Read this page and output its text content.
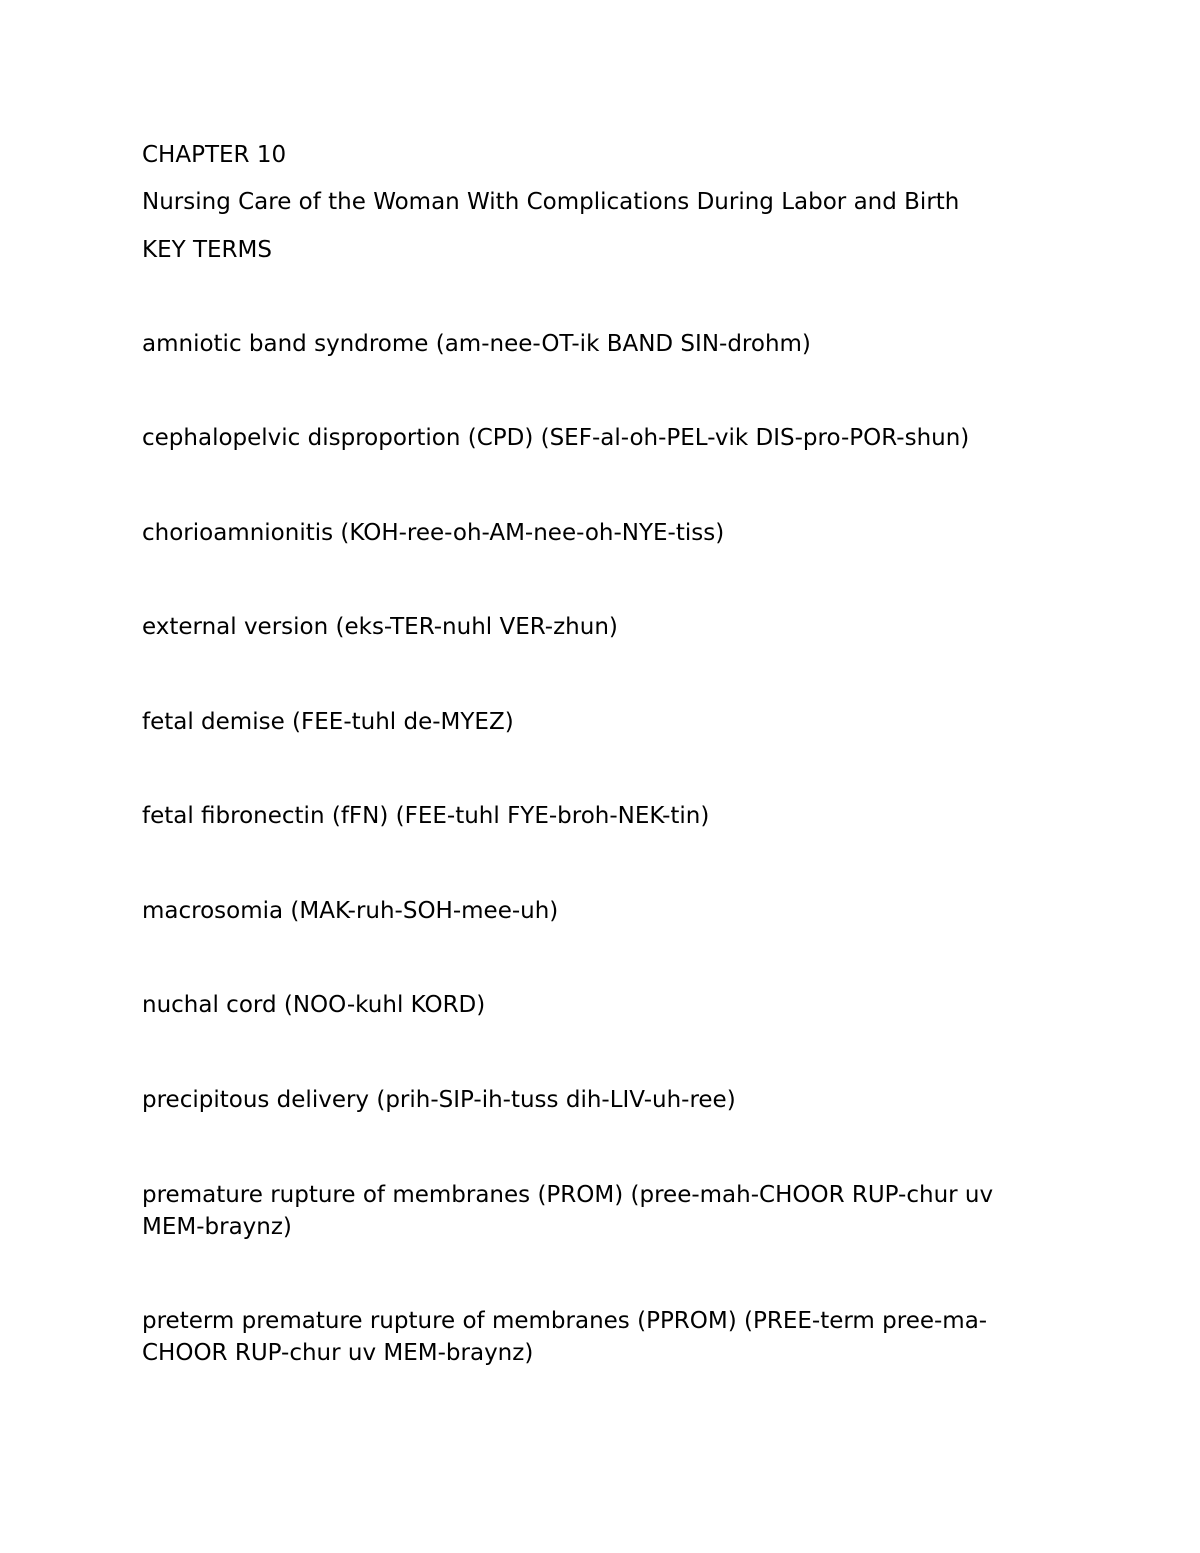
CHAPTER 10

Nursing Care of the Woman With Complications During Labor and Birth

KEY TERMS

amniotic band syndrome (am-nee-OT-ik BAND SIN-drohm)

cephalopelvic disproportion (CPD) (SEF-al-oh-PEL-vik DIS-pro-POR-shun)

chorioamnionitis (KOH-ree-oh-AM-nee-oh-NYE-tiss)

external version (eks-TER-nuhl VER-zhun)

fetal demise (FEE-tuhl de-MYEZ)

fetal fibronectin (fFN) (FEE-tuhl FYE-broh-NEK-tin)

macrosomia (MAK-ruh-SOH-mee-uh)

nuchal cord (NOO-kuhl KORD)

precipitous delivery (prih-SIP-ih-tuss dih-LIV-uh-ree)

premature rupture of membranes (PROM) (pree-mah-CHOOR RUP-chur uv
MEM-braynz)

preterm premature rupture of membranes (PPROM) (PREE-term pree-ma-
CHOOR RUP-chur uv MEM-braynz)
